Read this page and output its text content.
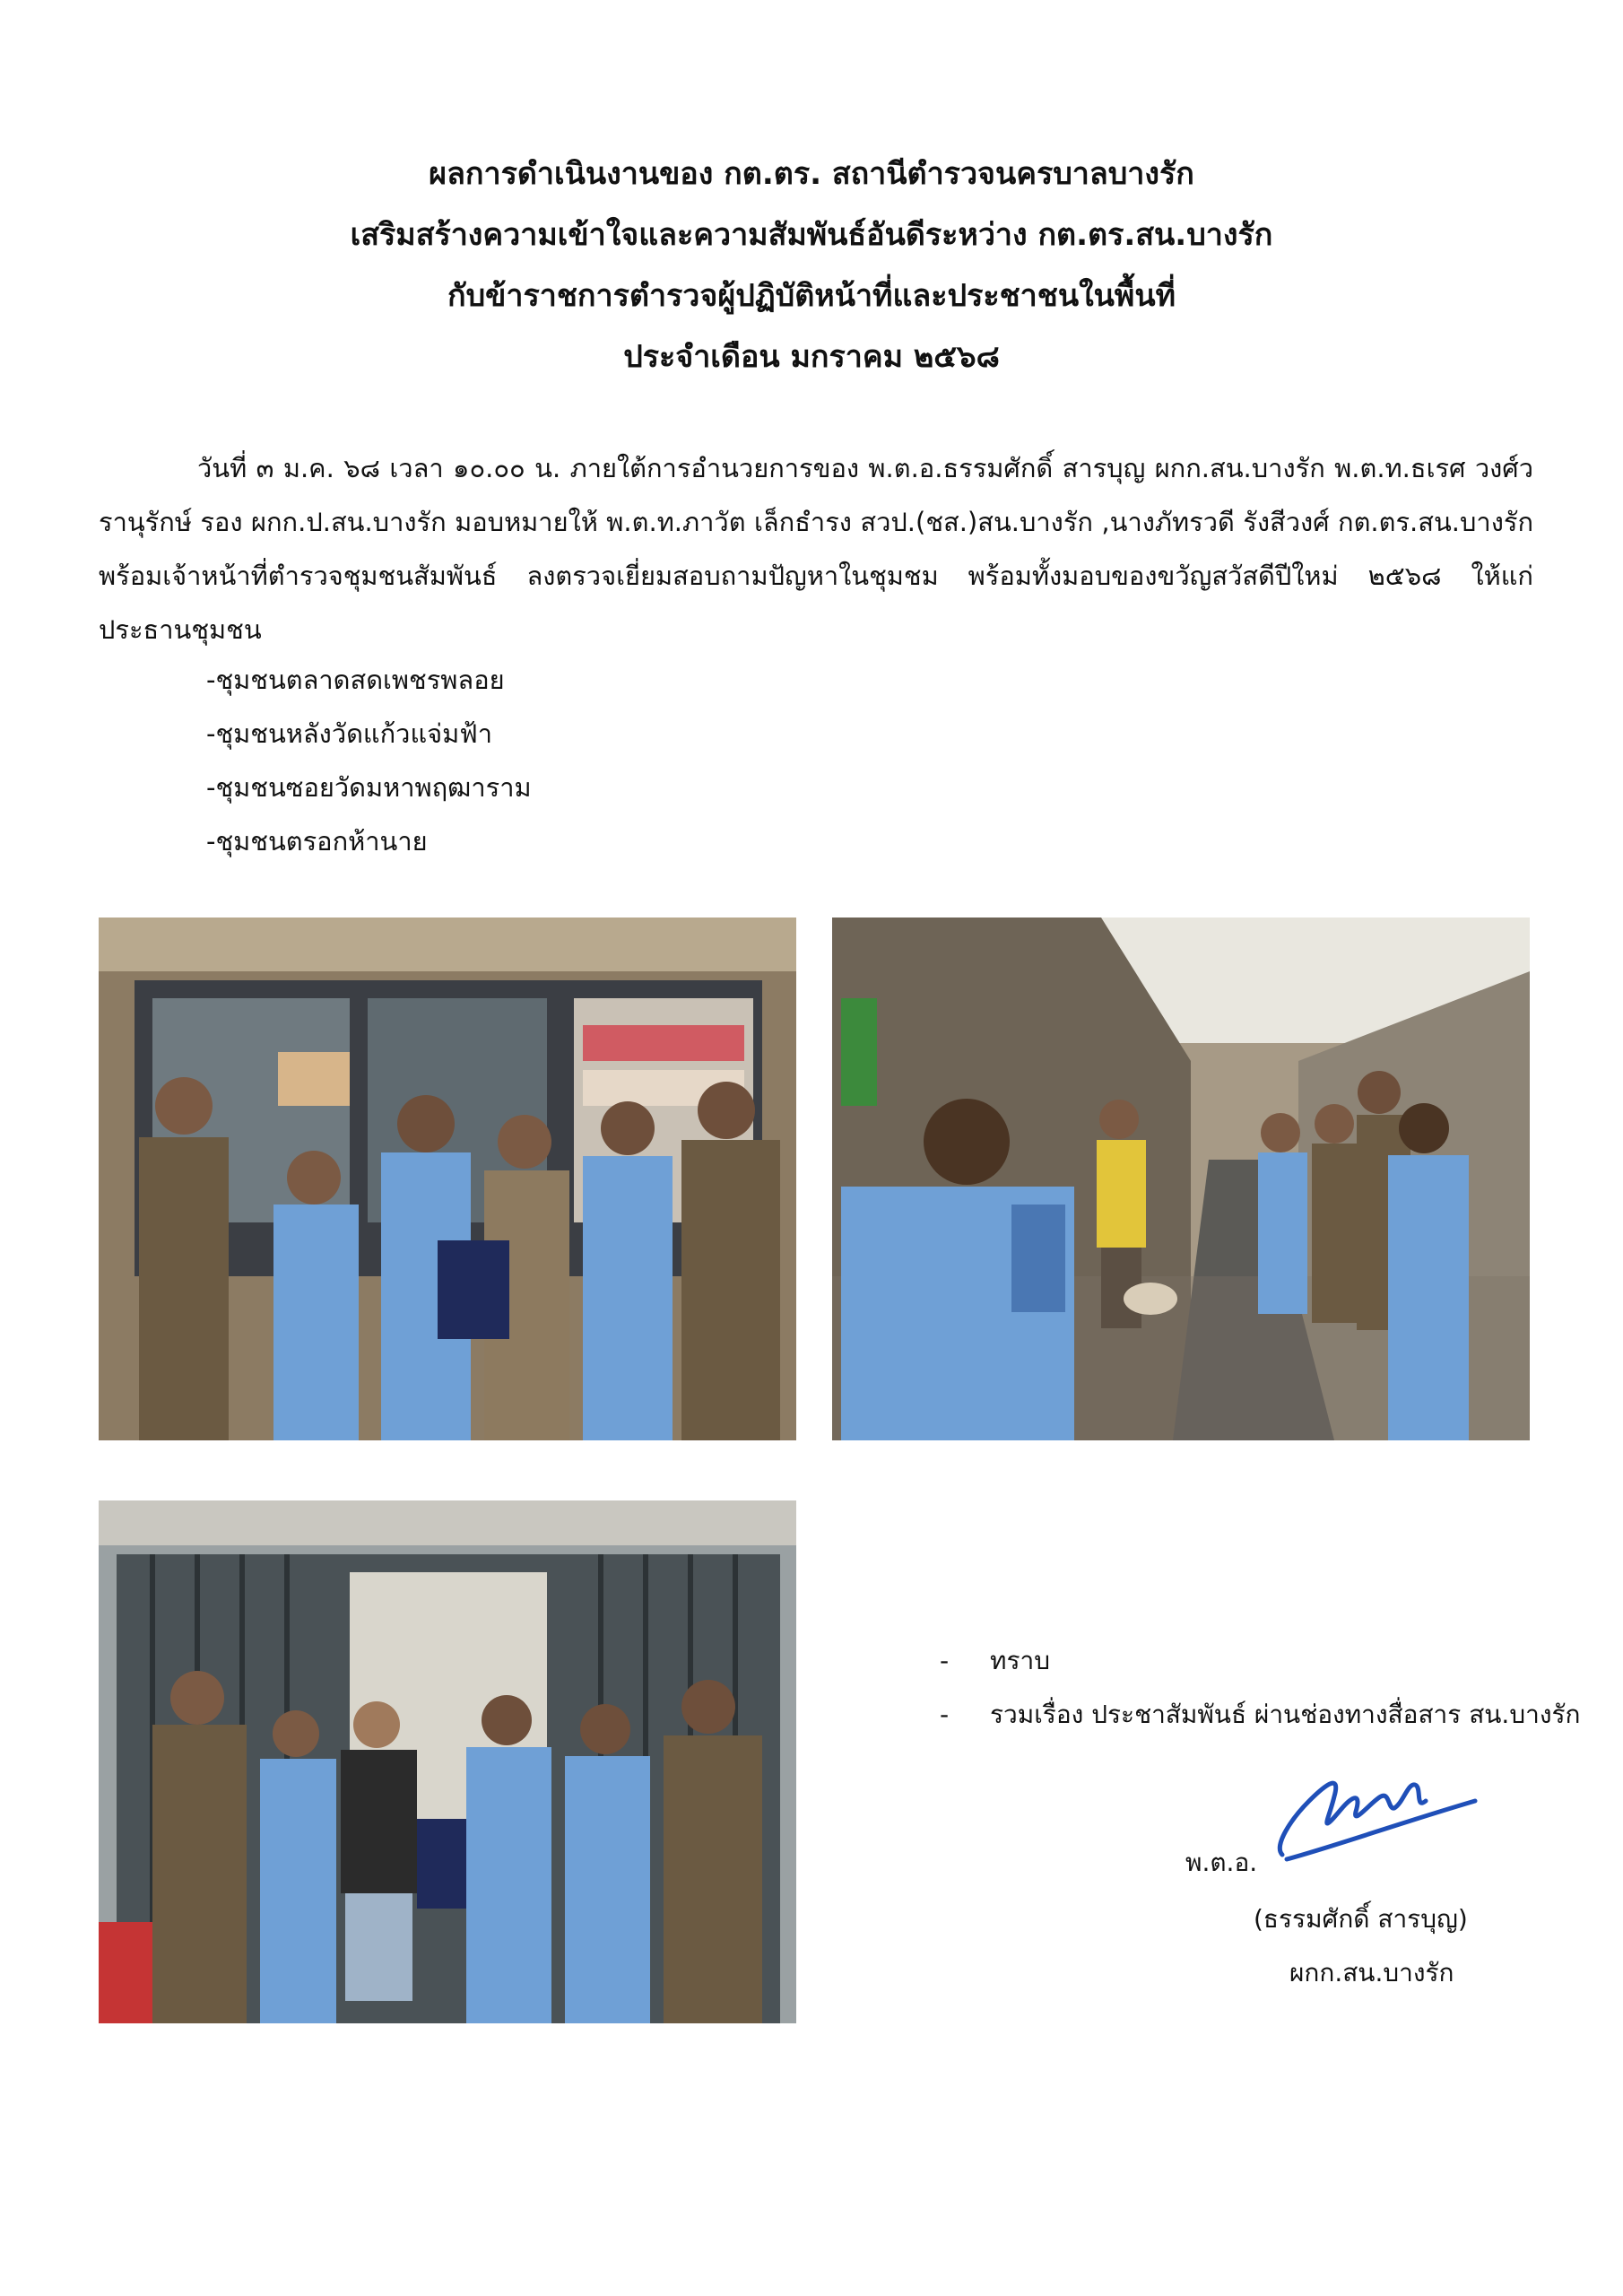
ผลการดำเนินงานของ กต.ตร. สถานีตำรวจนครบาลบางรัก
เสริมสร้างความเข้าใจและความสัมพันธ์อันดีระหว่าง กต.ตร.สน.บางรัก
กับข้าราชการตำรวจผู้ปฏิบัติหน้าที่และประชาชนในพื้นที่
ประจำเดือน มกราคม ๒๕๖๘
วันที่ ๓ ม.ค. ๖๘ เวลา ๑๐.๐๐ น. ภายใต้การอำนวยการของ พ.ต.อ.ธรรมศักดิ์ สารบุญ ผกก.สน.บางรัก พ.ต.ท.ธเรศ วงศ์วรานุรักษ์ รอง ผกก.ป.สน.บางรัก มอบหมายให้ พ.ต.ท.ภาวัต เล็กธำรง สวป.(ชส.)สน.บางรัก ,นางภัทรวดี รังสีวงศ์ กต.ตร.สน.บางรัก พร้อมเจ้าหน้าที่ตำรวจชุมชนสัมพันธ์ ลงตรวจเยี่ยมสอบถามปัญหาในชุมชม พร้อมทั้งมอบของขวัญสวัสดีปีใหม่ ๒๕๖๘ ให้แก่ประธานชุมชน
-ชุมชนตลาดสดเพชรพลอย
-ชุมชนหลังวัดแก้วแจ่มฟ้า
-ชุมชนซอยวัดมหาพฤฒาราม
-ชุมชนตรอกห้านาย
-	ทราบ
-	รวมเรื่อง ประชาสัมพันธ์ ผ่านช่องทางสื่อสาร สน.บางรัก
พ.ต.อ.
(ธรรมศักดิ์ สารบุญ)
ผกก.สน.บางรัก
